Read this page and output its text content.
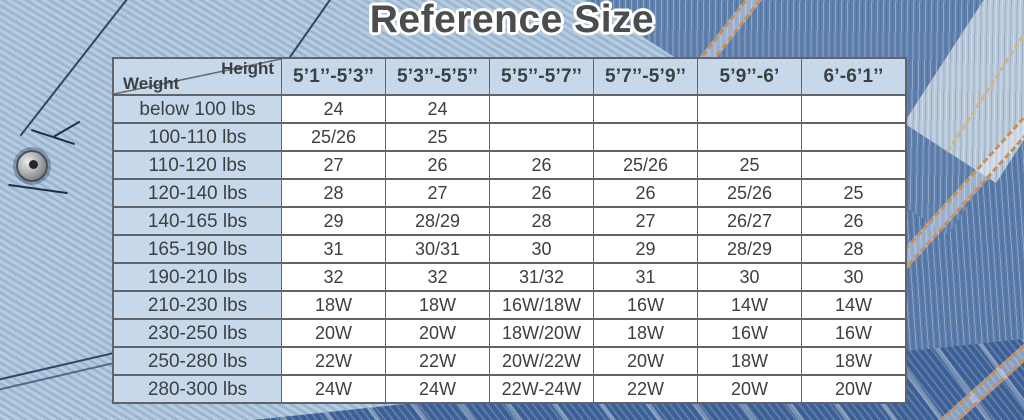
Reference Size
Height
Weight	5’1’’-5’3’’	5’3’’-5’5’’	5’5’’-5’7’’	5’7’’-5’9’’	5’9’’-6’	6’-6’1’’
below 100 lbs	24	24
100-110 lbs	25/26	25
110-120 lbs	27	26	26	25/26	25
120-140 lbs	28	27	26	26	25/26	25
140-165 lbs	29	28/29	28	27	26/27	26
165-190 lbs	31	30/31	30	29	28/29	28
190-210 lbs	32	32	31/32	31	30	30
210-230 lbs	18W	18W	16W/18W	16W	14W	14W
230-250 lbs	20W	20W	18W/20W	18W	16W	16W
250-280 lbs	22W	22W	20W/22W	20W	18W	18W
280-300 lbs	24W	24W	22W-24W	22W	20W	20W
